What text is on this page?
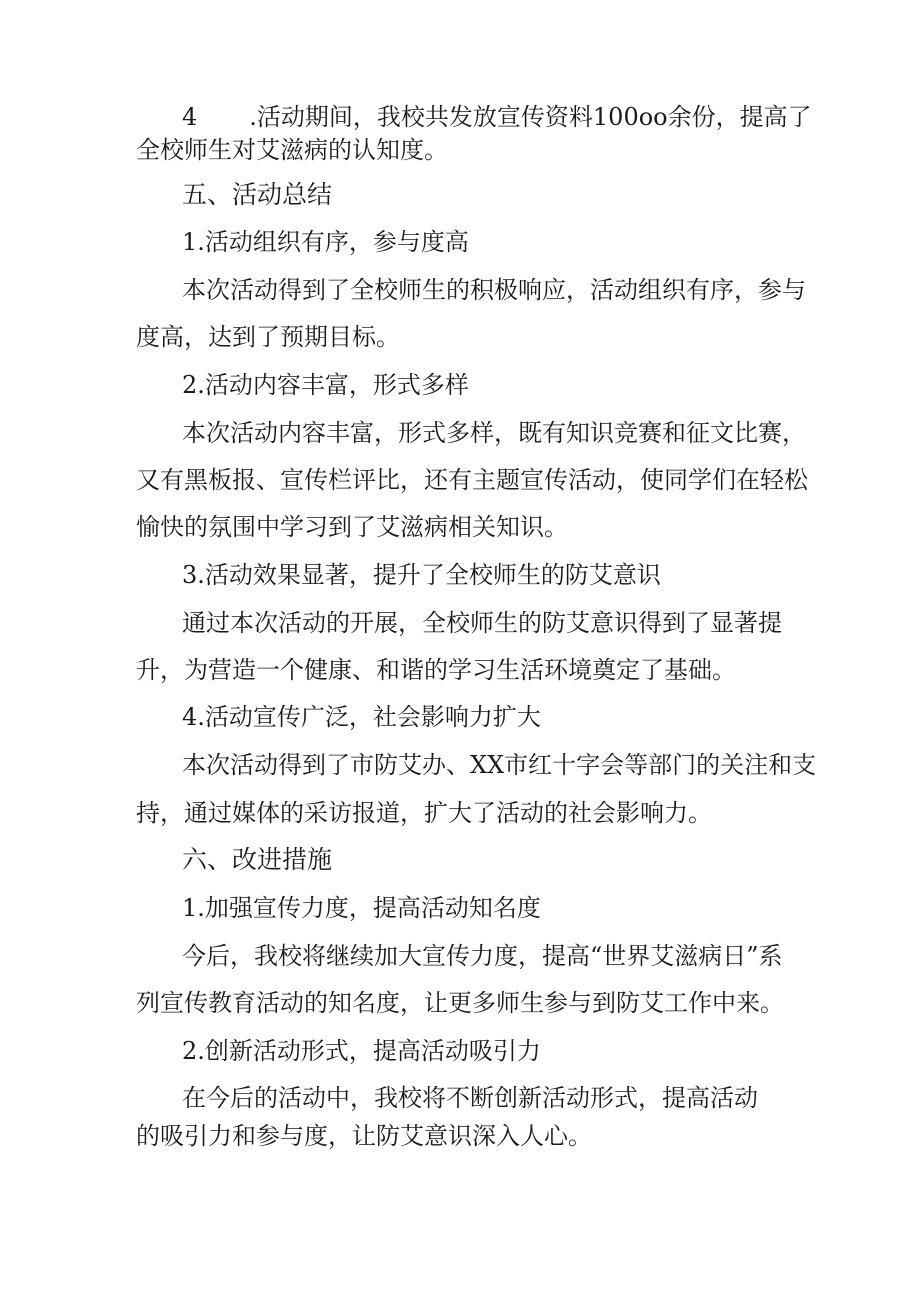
4 .活动期间，我校共发放宣传资料100oo余份，提高了
全校师生对艾滋病的认知度。
五、活动总结
1.活动组织有序，参与度高
本次活动得到了全校师生的积极响应，活动组织有序，参与
度高，达到了预期目标。
2.活动内容丰富，形式多样
本次活动内容丰富，形式多样，既有知识竞赛和征文比赛，
又有黑板报、宣传栏评比，还有主题宣传活动，使同学们在轻松
愉快的氛围中学习到了艾滋病相关知识。
3.活动效果显著，提升了全校师生的防艾意识
通过本次活动的开展，全校师生的防艾意识得到了显著提
升，为营造一个健康、和谐的学习生活环境奠定了基础。
4.活动宣传广泛，社会影响力扩大
本次活动得到了市防艾办、XX市红十字会等部门的关注和支
持，通过媒体的采访报道，扩大了活动的社会影响力。
六、改进措施
1.加强宣传力度，提高活动知名度
今后，我校将继续加大宣传力度，提高“世界艾滋病日”系
列宣传教育活动的知名度，让更多师生参与到防艾工作中来。
2.创新活动形式，提高活动吸引力
在今后的活动中，我校将不断创新活动形式，提高活动
的吸引力和参与度，让防艾意识深入人心。
